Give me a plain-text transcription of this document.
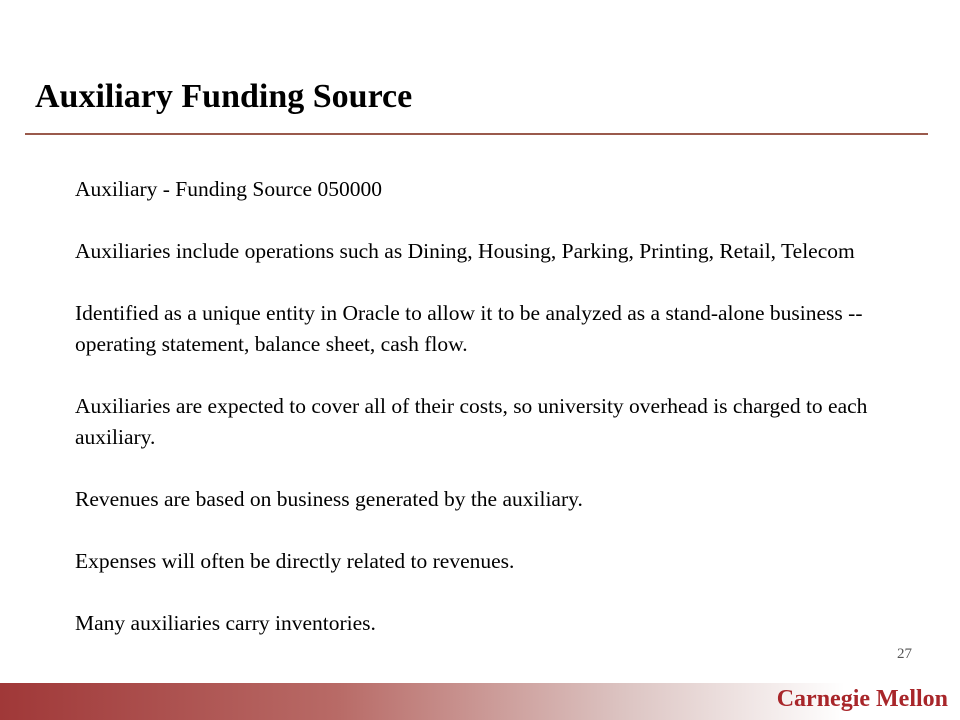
Auxiliary Funding Source

Auxiliary - Funding Source 050000

Auxiliaries include operations such as Dining, Housing, Parking, Printing, Retail, Telecom

Identified as a unique entity in Oracle to allow it to be analyzed as a stand-alone business -- operating statement, balance sheet, cash flow.

Auxiliaries are expected to cover all of their costs, so university overhead is charged to each auxiliary.

Revenues are based on business generated by the auxiliary.

Expenses will often be directly related to revenues.

Many auxiliaries carry inventories.

27
Carnegie Mellon
